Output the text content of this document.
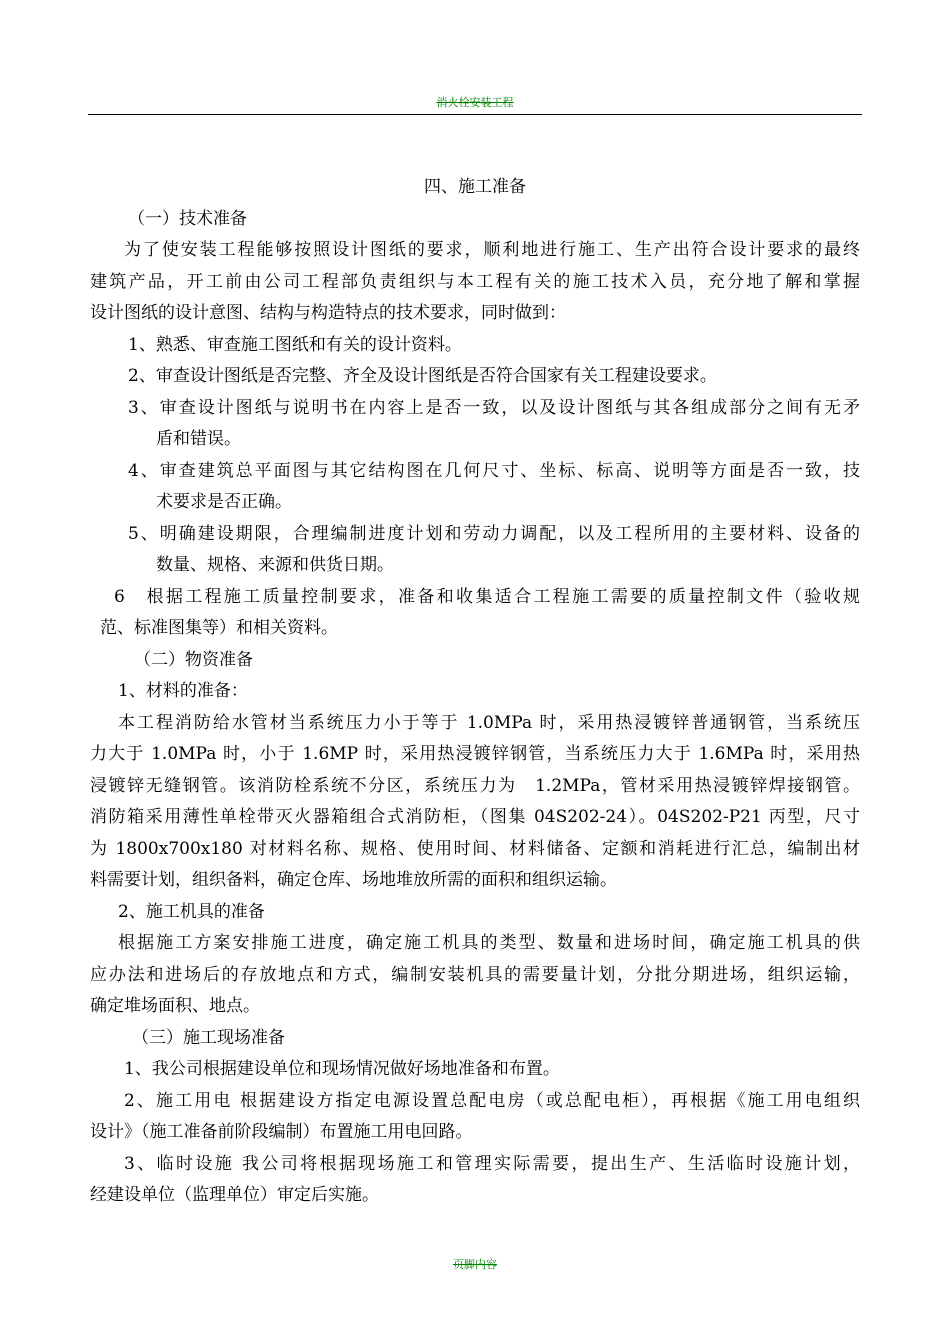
消火栓安装工程
四、施工准备
（一）技术准备
为了使安装工程能够按照设计图纸的要求，顺利地进行施工、生产出符合设计要求的最终
建筑产品，开工前由公司工程部负责组织与本工程有关的施工技术入员，充分地了解和掌握
设计图纸的设计意图、结构与构造特点的技术要求，同时做到：
1、熟悉、审查施工图纸和有关的设计资料。
2、审查设计图纸是否完整、齐全及设计图纸是否符合国家有关工程建设要求。
3、审查设计图纸与说明书在内容上是否一致，以及设计图纸与其各组成部分之间有无矛
盾和错误。
4、审查建筑总平面图与其它结构图在几何尺寸、坐标、标高、说明等方面是否一致，技
术要求是否正确。
5、明确建设期限，合理编制进度计划和劳动力调配，以及工程所用的主要材料、设备的
数量、规格、来源和供货日期。
6　根据工程施工质量控制要求，准备和收集适合工程施工需要的质量控制文件（验收规
范、标准图集等）和相关资料。
（二）物资准备
1、材料的准备：
本工程消防给水管材当系统压力小于等于 1.0MPa 时，采用热浸镀锌普通钢管，当系统压
力大于 1.0MPa 时，小于 1.6MP 时，采用热浸镀锌钢管，当系统压力大于 1.6MPa 时，采用热
浸镀锌无缝钢管。该消防栓系统不分区，系统压力为　1.2MPa，管材采用热浸镀锌焊接钢管。
消防箱采用薄性单栓带灭火器箱组合式消防柜，（图集 04S202-24）。04S202-P21 丙型，尺寸
为 1800x700x180 对材料名称、规格、使用时间、材料储备、定额和消耗进行汇总，编制出材
料需要计划，组织备料，确定仓库、场地堆放所需的面积和组织运输。
2、施工机具的准备
根据施工方案安排施工进度，确定施工机具的类型、数量和进场时间，确定施工机具的供
应办法和进场后的存放地点和方式，编制安装机具的需要量计划，分批分期进场，组织运输，
确定堆场面积、地点。
（三）施工现场准备
1、我公司根据建设单位和现场情况做好场地准备和布置。
2、施工用电 根据建设方指定电源设置总配电房（或总配电柜），再根据《施工用电组织
设计》（施工准备前阶段编制）布置施工用电回路。
3、临时设施 我公司将根据现场施工和管理实际需要，提出生产、生活临时设施计划，
经建设单位（监理单位）审定后实施。
页脚内容
